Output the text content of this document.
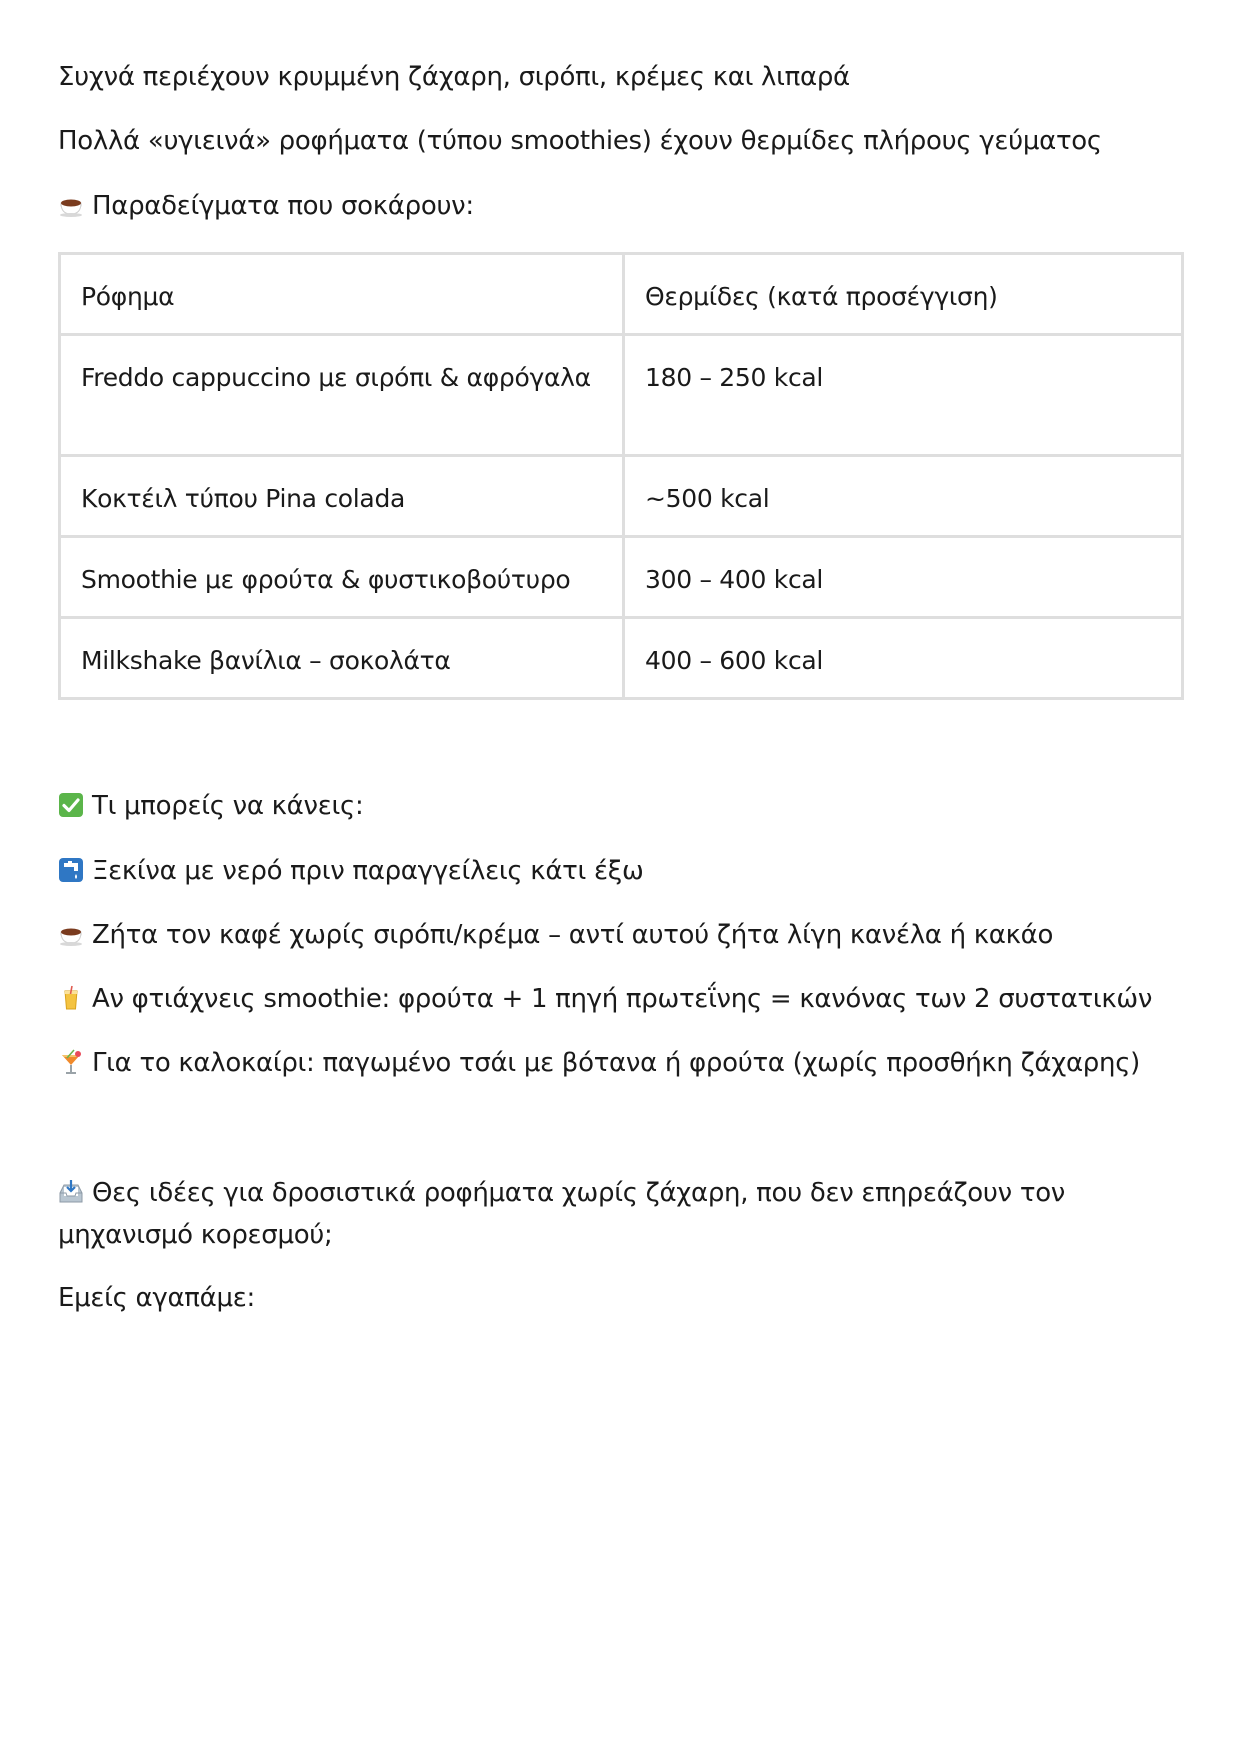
Συχνά περιέχουν κρυμμένη ζάχαρη, σιρόπι, κρέμες και λιπαρά

Πολλά «υγιεινά» ροφήματα (τύπου smoothies) έχουν θερμίδες πλήρους γεύματος

Παραδείγματα που σοκάρουν:

Ρόφημα	Θερμίδες (κατά προσέγγιση)
Freddo cappuccino με σιρόπι & αφρόγαλα	180 – 250 kcal
Κοκτέιλ τύπου Pina colada	~500 kcal
Smoothie με φρούτα & φυστικοβούτυρο	300 – 400 kcal
Milkshake βανίλια – σοκολάτα	400 – 600 kcal

Τι μπορείς να κάνεις:

Ξεκίνα με νερό πριν παραγγείλεις κάτι έξω

Ζήτα τον καφέ χωρίς σιρόπι/κρέμα – αντί αυτού ζήτα λίγη κανέλα ή κακάο

Αν φτιάχνεις smoothie: φρούτα + 1 πηγή πρωτεΐνης = κανόνας των 2 συστατικών

Για το καλοκαίρι: παγωμένο τσάι με βότανα ή φρούτα (χωρίς προσθήκη ζάχαρης)

Θες ιδέες για δροσιστικά ροφήματα χωρίς ζάχαρη, που δεν επηρεάζουν τον μηχανισμό κορεσμού;

Εμείς αγαπάμε:
